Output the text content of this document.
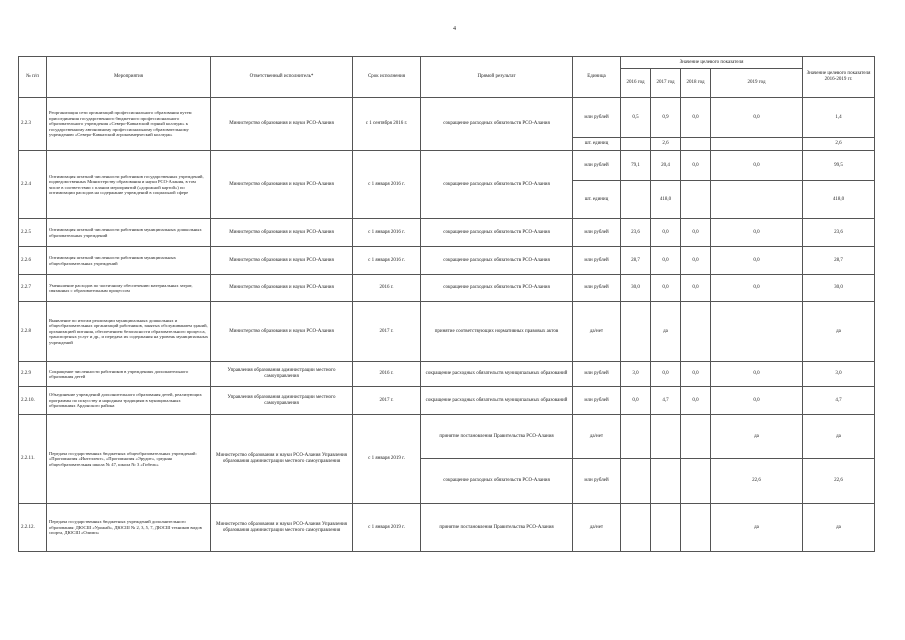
4
№ п/п	Мероприятия	Ответственный исполнитель*	Срок исполнения	Прямой результат	Единица	Значение целевого показателя				Значение целевого показателя 2016-2019 гг.
						2016 год	2017 год	2018 год	2019 год	
2.2.3	Реорганизация сети организаций профессионального образования путем присоединения государственного бюджетного профессионального образовательного учреждения «Северо-Кавказский горный колледж» к государственному автономному профессиональному образовательному учреждению «Северо-Кавказский агрокоммерческий колледж»	Министерство образования и науки РСО-Алания	с 1 сентября 2016 г.	сокращение расходных обязательств РСО-Алания	млн рублей	0,5	0,9	0,0	0,0	1,4
					шт. единиц		2,6			2,6
2.2.4	Оптимизация штатной численности работников государственных учреждений, подведомственных Министерству образования и науки РСО-Алания, в том числе в соответствии с планом мероприятий («дорожной картой») по оптимизации расходов на содержание учреждений в социальной сфере	Министерство образования и науки РСО-Алания	с 1 января 2016 г.	сокращение расходных обязательств РСО-Алания	млн рублей	79,1	20,4	0,0	0,0	99,5
					шт. единиц		418,0			418,0
2.2.5	Оптимизация штатной численности работников муниципальных дошкольных образовательных учреждений	Министерство образования и науки РСО-Алания	с 1 января 2016 г.	сокращение расходных обязательств РСО-Алания	млн рублей	23,6	0,0	0,0	0,0	23,6
2.2.6	Оптимизация штатной численности работников муниципальных общеобразовательных учреждений	Министерство образования и науки РСО-Алания	с 1 января 2016 г.	сокращение расходных обязательств РСО-Алания	млн рублей	28,7	0,0	0,0	0,0	28,7
2.2.7	Уменьшение расходов по частичному обеспечению материальных затрат, связанных с образовательным процессом	Министерство образования и науки РСО-Алания	2016 г.	сокращение расходных обязательств РСО-Алания	млн рублей	30,0	0,0	0,0	0,0	30,0
2.2.8	Выявление по итогам реализации муниципальных дошкольных и общеобразовательных организаций работников, занятых обслуживанием зданий, организацией питания, обеспечением безопасности образовательного процесса, транспортных услуг и др., и передача их содержания на уровень муниципальных учреждений	Министерство образования и науки РСО-Алания	2017 г.	принятие соответствующих нормативных правовых актов	да/нет		да			да
2.2.9	Сокращение численности работников в учреждениях дополнительного образования детей	Управления образования администрации местного самоуправления	2016 г.	сокращение расходных обязательств муниципальных образований	млн рублей	3,0	0,0	0,0	0,0	3,0
2.2.10.	Объединение учреждений дополнительного образования детей, реализующих программы по искусству и народным традициям в муниципальных образованиях Ардонского района	Управления образования администрации местного самоуправления	2017 г.	сокращение расходных обязательств муниципальных образований	млн рублей	0,0	4,7	0,0	0,0	4,7
2.2.11.	Передача государственных бюджетных общеобразовательных учреждений: «Прогимназия «Интеллект», «Прогимназия «Эрудит», средняя общеобразовательная школа № 47, школа № 3 «Гибель»	Министерство образования и науки РСО-Алания Управления образования администрации местного самоуправления	с 1 января 2019 г.	принятие постановления Правительства РСО-Алания	да/нет				да	да
				сокращение расходных обязательств РСО-Алания	млн рублей				22,6	22,6
2.2.12.	Передача государственных бюджетных учреждений дополнительного образования: ДЮСШ «Урожай», ДЮСШ № 2, 3, 5, 7, ДЮСШ техников видов спорта, ДЮСШ «Олимп»	Министерство образования и науки РСО-Алания Управления образования администрации местного самоуправления	с 1 января 2019 г.	принятие постановления Правительства РСО-Алания	да/нет				да	да
